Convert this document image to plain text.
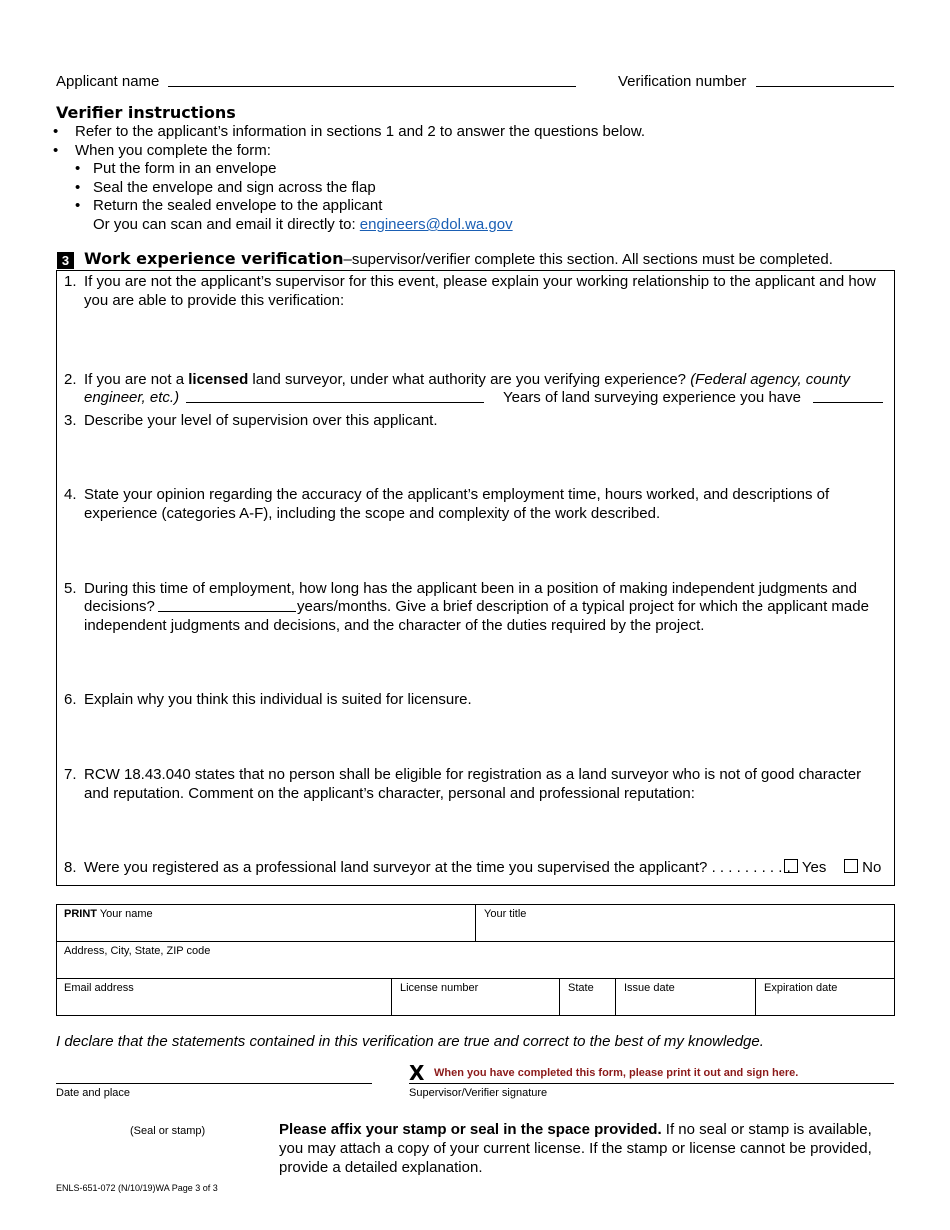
Applicant name	Verification number
Verifier instructions
• Refer to the applicant’s information in sections 1 and 2 to answer the questions below.
• When you complete the form:
• Put the form in an envelope
• Seal the envelope and sign across the flap
• Return the sealed envelope to the applicant
Or you can scan and email it directly to: engineers@dol.wa.gov
3 Work experience verification–supervisor/verifier complete this section. All sections must be completed.
1. If you are not the applicant’s supervisor for this event, please explain your working relationship to the applicant and how you are able to provide this verification:
2. If you are not a licensed land surveyor, under what authority are you verifying experience? (Federal agency, county
engineer, etc.)	Years of land surveying experience you have
3. Describe your level of supervision over this applicant.
4. State your opinion regarding the accuracy of the applicant’s employment time, hours worked, and descriptions of experience (categories A-F), including the scope and complexity of the work described.
5. During this time of employment, how long has the applicant been in a position of making independent judgments and
decisions?	years/months. Give a brief description of a typical project for which the applicant made
independent judgments and decisions, and the character of the duties required by the project.
6. Explain why you think this individual is suited for licensure.
7. RCW 18.43.040 states that no person shall be eligible for registration as a land surveyor who is not of good character and reputation. Comment on the applicant’s character, personal and professional reputation:
8. Were you registered as a professional land surveyor at the time you supervised the applicant? . . . . . . . . . . Yes	No
PRINT Your name	Your title
Address, City, State, ZIP code
Email address	License number	State	Issue date	Expiration date
I declare that the statements contained in this verification are true and correct to the best of my knowledge.
Date and place
X When you have completed this form, please print it out and sign here.
Supervisor/Verifier signature
(Seal or stamp)	Please affix your stamp or seal in the space provided. If no seal or stamp is available, you may attach a copy of your current license. If the stamp or license cannot be provided, provide a detailed explanation.
ENLS-651-072 (N/10/19)WA Page 3 of 3
